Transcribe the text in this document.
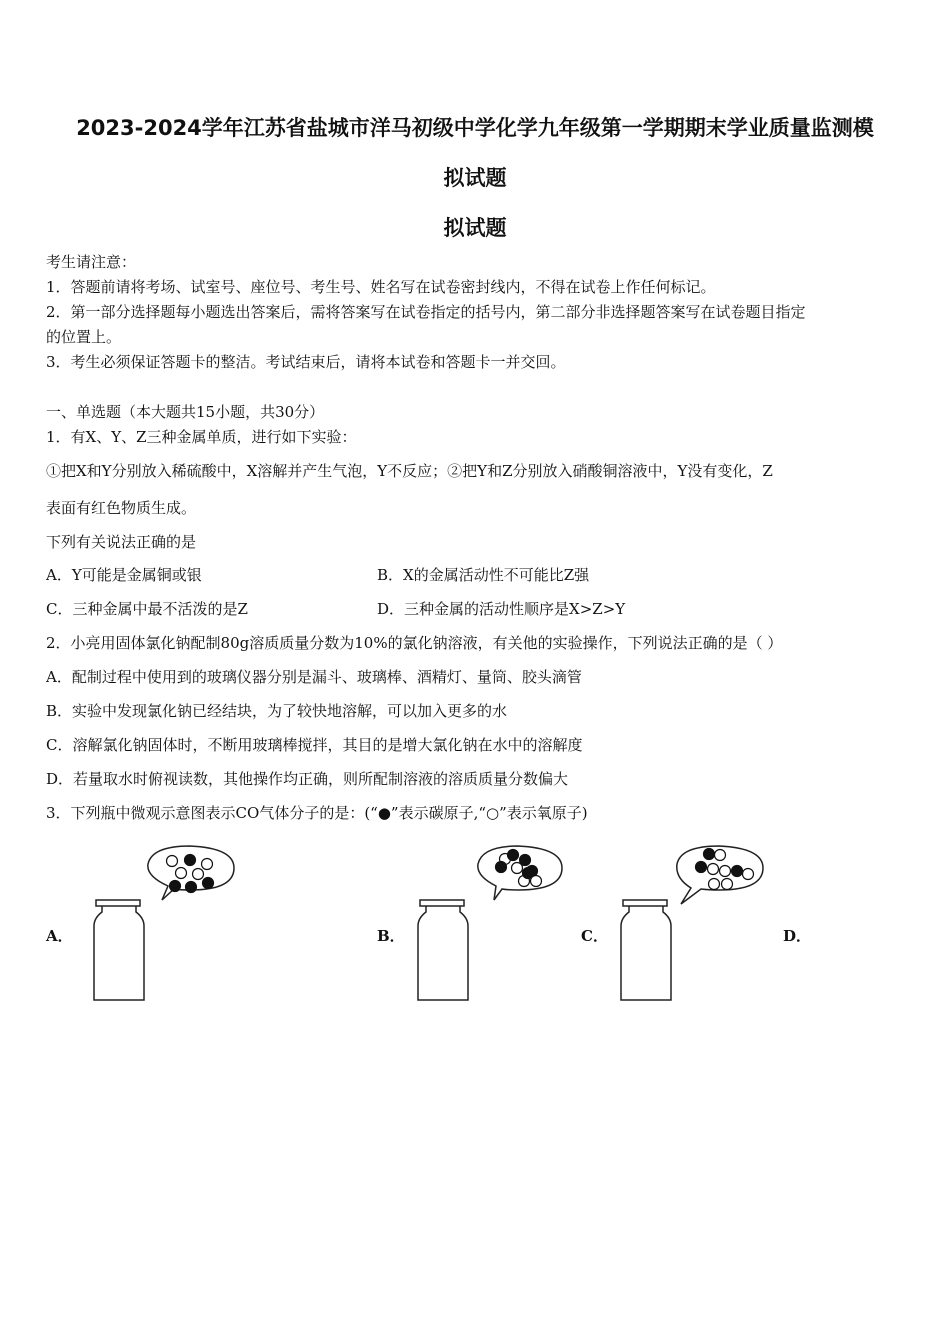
2023-2024学年江苏省盐城市洋马初级中学化学九年级第一学期期末学业质量监测模
拟试题
拟试题
考生请注意：
1．答题前请将考场、试室号、座位号、考生号、姓名写在试卷密封线内，不得在试卷上作任何标记。
2．第一部分选择题每小题选出答案后，需将答案写在试卷指定的括号内，第二部分非选择题答案写在试卷题目指定
的位置上。
3．考生必须保证答题卡的整洁。考试结束后，请将本试卷和答题卡一并交回。
一、单选题（本大题共15小题，共30分）
1．有X、Y、Z三种金属单质，进行如下实验：
①把X和Y分别放入稀硫酸中，X溶解并产生气泡，Y不反应；②把Y和Z分别放入硝酸铜溶液中，Y没有变化，Z
表面有红色物质生成。
下列有关说法正确的是
A．Y可能是金属铜或银	B．X的金属活动性不可能比Z强
C．三种金属中最不活泼的是Z	D．三种金属的活动性顺序是X>Z>Y
2．小亮用固体氯化钠配制80g溶质质量分数为10%的氯化钠溶液，有关他的实验操作，下列说法正确的是（ ）
A．配制过程中使用到的玻璃仪器分别是漏斗、玻璃棒、酒精灯、量筒、胶头滴管
B．实验中发现氯化钠已经结块，为了较快地溶解，可以加入更多的水
C．溶解氯化钠固体时，不断用玻璃棒搅拌，其目的是增大氯化钠在水中的溶解度
D．若量取水时俯视读数，其他操作均正确，则所配制溶液的溶质质量分数偏大
3．下列瓶中微观示意图表示CO气体分子的是：(“●”表示碳原子,“○”表示氧原子)
A．	B．	C．	D．
